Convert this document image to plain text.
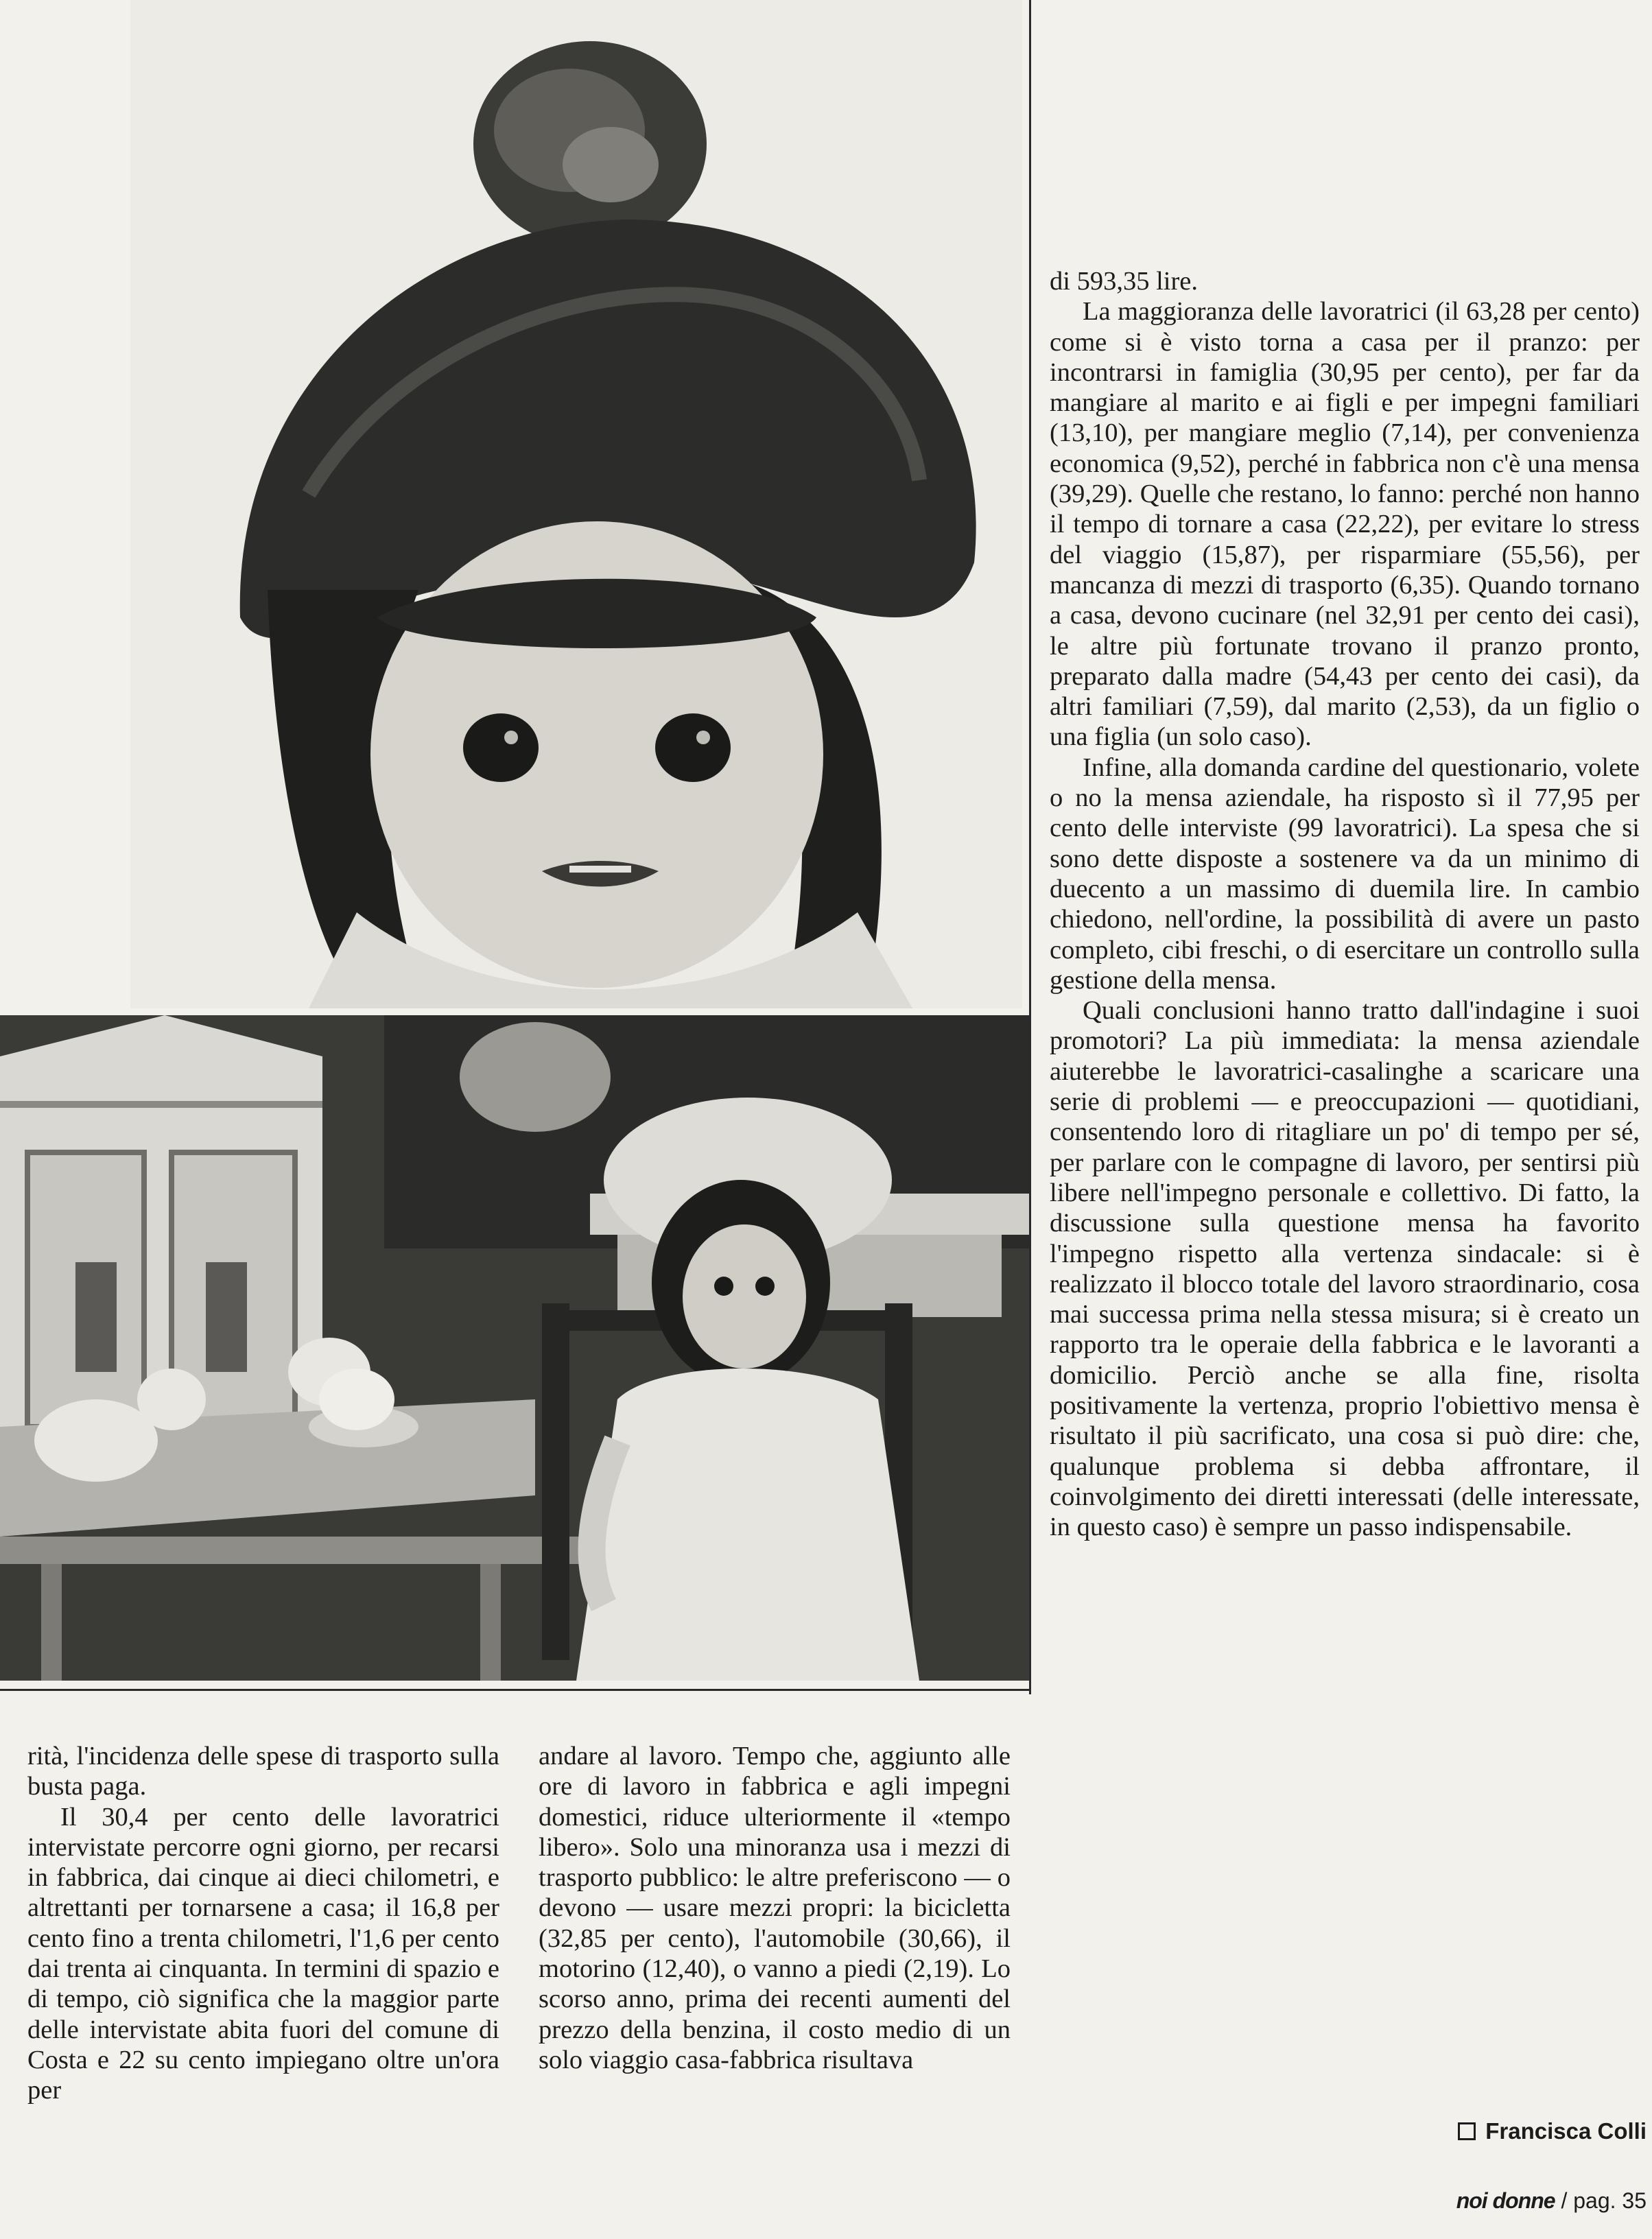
di 593,35 lire.

La maggioranza delle lavoratrici (il 63,28 per cento) come si è visto torna a casa per il pranzo: per incontrarsi in famiglia (30,95 per cento), per far da mangiare al marito e ai figli e per impegni familiari (13,10), per mangiare meglio (7,14), per convenienza economica (9,52), perché in fabbrica non c'è una mensa (39,29). Quelle che restano, lo fanno: perché non hanno il tempo di tornare a casa (22,22), per evitare lo stress del viaggio (15,87), per risparmiare (55,56), per mancanza di mezzi di trasporto (6,35). Quando tornano a casa, devono cucinare (nel 32,91 per cento dei casi), le altre più fortunate trovano il pranzo pronto, preparato dalla madre (54,43 per cento dei casi), da altri familiari (7,59), dal marito (2,53), da un figlio o una figlia (un solo caso).

Infine, alla domanda cardine del questionario, volete o no la mensa aziendale, ha risposto sì il 77,95 per cento delle interviste (99 lavoratrici). La spesa che si sono dette disposte a sostenere va da un minimo di duecento a un massimo di duemila lire. In cambio chiedono, nell'ordine, la possibilità di avere un pasto completo, cibi freschi, o di esercitare un controllo sulla gestione della mensa.

Quali conclusioni hanno tratto dall'indagine i suoi promotori? La più immediata: la mensa aziendale aiuterebbe le lavoratrici-casalinghe a scaricare una serie di problemi — e preoccupazioni — quotidiani, consentendo loro di ritagliare un po' di tempo per sé, per parlare con le compagne di lavoro, per sentirsi più libere nell'impegno personale e collettivo. Di fatto, la discussione sulla questione mensa ha favorito l'impegno rispetto alla vertenza sindacale: si è realizzato il blocco totale del lavoro straordinario, cosa mai successa prima nella stessa misura; si è creato un rapporto tra le operaie della fabbrica e le lavoranti a domicilio. Perciò anche se alla fine, risolta positivamente la vertenza, proprio l'obiettivo mensa è risultato il più sacrificato, una cosa si può dire: che, qualunque problema si debba affrontare, il coinvolgimento dei diretti interessati (delle interessate, in questo caso) è sempre un passo indispensabile.

rità, l'incidenza delle spese di trasporto sulla busta paga.

Il 30,4 per cento delle lavoratrici intervistate percorre ogni giorno, per recarsi in fabbrica, dai cinque ai dieci chilometri, e altrettanti per tornarsene a casa; il 16,8 per cento fino a trenta chilometri, l'1,6 per cento dai trenta ai cinquanta. In termini di spazio e di tempo, ciò significa che la maggior parte delle intervistate abita fuori del comune di Costa e 22 su cento impiegano oltre un'ora per

andare al lavoro. Tempo che, aggiunto alle ore di lavoro in fabbrica e agli impegni domestici, riduce ulteriormente il «tempo libero». Solo una minoranza usa i mezzi di trasporto pubblico: le altre preferiscono — o devono — usare mezzi propri: la bicicletta (32,85 per cento), l'automobile (30,66), il motorino (12,40), o vanno a piedi (2,19). Lo scorso anno, prima dei recenti aumenti del prezzo della benzina, il costo medio di un solo viaggio casa-fabbrica risultava

Francisca Colli
noi donne / pag. 35
